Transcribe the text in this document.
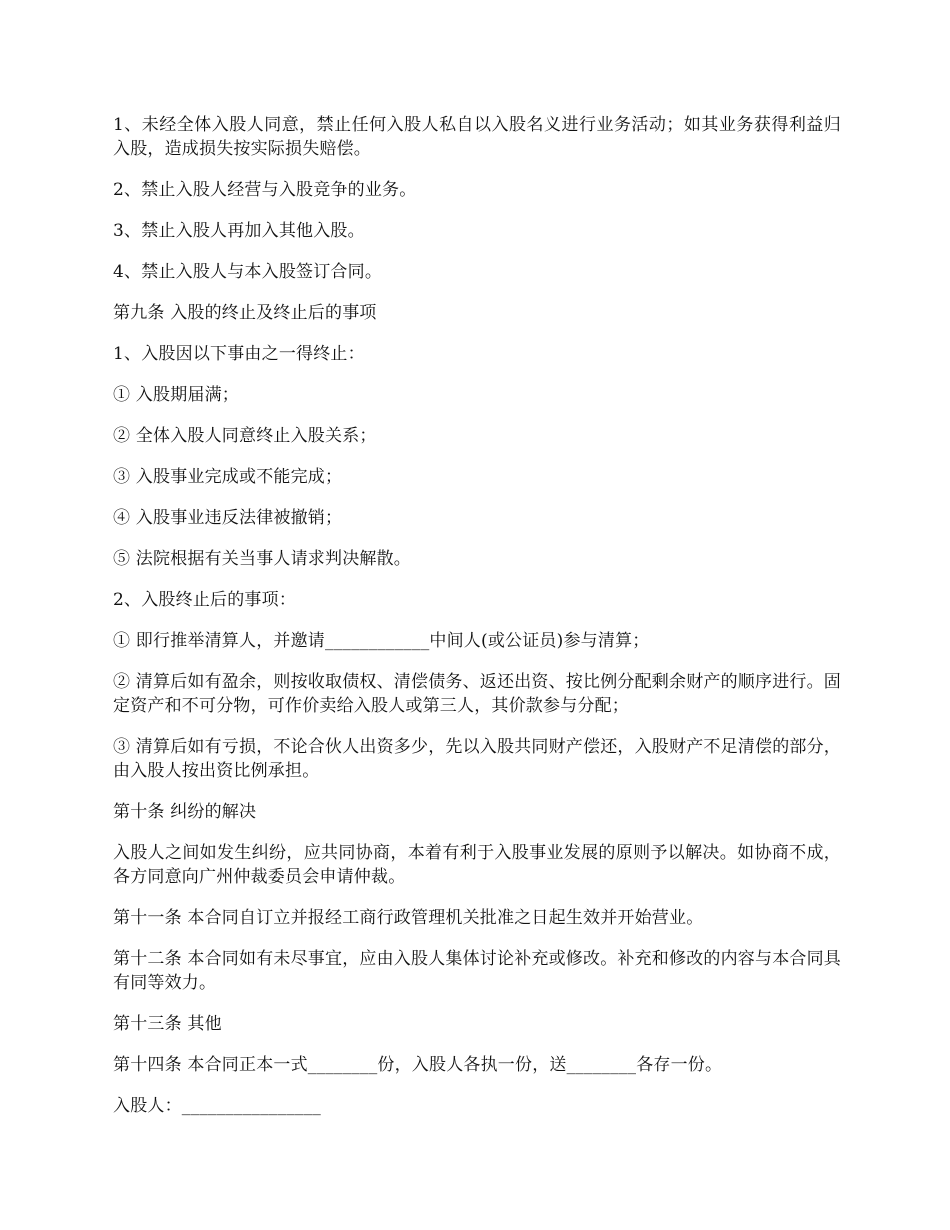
1、未经全体入股人同意，禁止任何入股人私自以入股名义进行业务活动；如其业务获得利益归入股，造成损失按实际损失赔偿。

2、禁止入股人经营与入股竞争的业务。

3、禁止入股人再加入其他入股。

4、禁止入股人与本入股签订合同。

第九条 入股的终止及终止后的事项

1、入股因以下事由之一得终止：

① 入股期届满；

② 全体入股人同意终止入股关系；

③ 入股事业完成或不能完成；

④ 入股事业违反法律被撤销；

⑤ 法院根据有关当事人请求判决解散。

2、入股终止后的事项：

① 即行推举清算人，并邀请____________中间人(或公证员)参与清算；

② 清算后如有盈余，则按收取债权、清偿债务、返还出资、按比例分配剩余财产的顺序进行。固定资产和不可分物，可作价卖给入股人或第三人，其价款参与分配；

③ 清算后如有亏损，不论合伙人出资多少，先以入股共同财产偿还，入股财产不足清偿的部分，由入股人按出资比例承担。

第十条 纠纷的解决

入股人之间如发生纠纷，应共同协商，本着有利于入股事业发展的原则予以解决。如协商不成，各方同意向广州仲裁委员会申请仲裁。

第十一条 本合同自订立并报经工商行政管理机关批准之日起生效并开始营业。

第十二条 本合同如有未尽事宜，应由入股人集体讨论补充或修改。补充和修改的内容与本合同具有同等效力。

第十三条 其他

第十四条 本合同正本一式________份，入股人各执一份，送________各存一份。

入股人：________________
